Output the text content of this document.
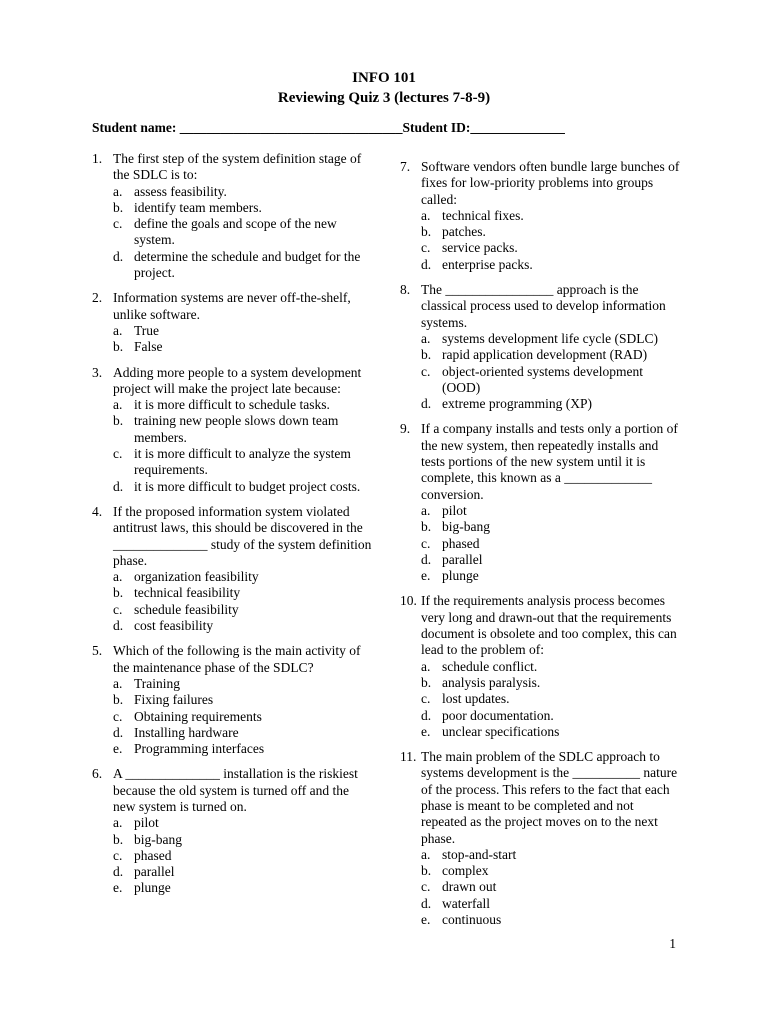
INFO 101
Reviewing Quiz 3 (lectures 7-8-9)
Student name: _________________________________Student ID:______________
1. The first step of the system definition stage of the SDLC is to:
a. assess feasibility.
b. identify team members.
c. define the goals and scope of the new system.
d. determine the schedule and budget for the project.
2. Information systems are never off-the-shelf, unlike software.
a. True
b. False
3. Adding more people to a system development project will make the project late because:
a. it is more difficult to schedule tasks.
b. training new people slows down team members.
c. it is more difficult to analyze the system requirements.
d. it is more difficult to budget project costs.
4. If the proposed information system violated antitrust laws, this should be discovered in the ______________ study of the system definition phase.
a. organization feasibility
b. technical feasibility
c. schedule feasibility
d. cost feasibility
5. Which of the following is the main activity of the maintenance phase of the SDLC?
a. Training
b. Fixing failures
c. Obtaining requirements
d. Installing hardware
e. Programming interfaces
6. A ______________ installation is the riskiest because the old system is turned off and the new system is turned on.
a. pilot
b. big-bang
c. phased
d. parallel
e. plunge
7. Software vendors often bundle large bunches of fixes for low-priority problems into groups called:
a. technical fixes.
b. patches.
c. service packs.
d. enterprise packs.
8. The ________________ approach is the classical process used to develop information systems.
a. systems development life cycle (SDLC)
b. rapid application development (RAD)
c. object-oriented systems development (OOD)
d. extreme programming (XP)
9. If a company installs and tests only a portion of the new system, then repeatedly installs and tests portions of the new system until it is complete, this known as a _____________ conversion.
a. pilot
b. big-bang
c. phased
d. parallel
e. plunge
10. If the requirements analysis process becomes very long and drawn-out that the requirements document is obsolete and too complex, this can lead to the problem of:
a. schedule conflict.
b. analysis paralysis.
c. lost updates.
d. poor documentation.
e. unclear specifications
11. The main problem of the SDLC approach to systems development is the __________ nature of the process. This refers to the fact that each phase is meant to be completed and not repeated as the project moves on to the next phase.
a. stop-and-start
b. complex
c. drawn out
d. waterfall
e. continuous
1
